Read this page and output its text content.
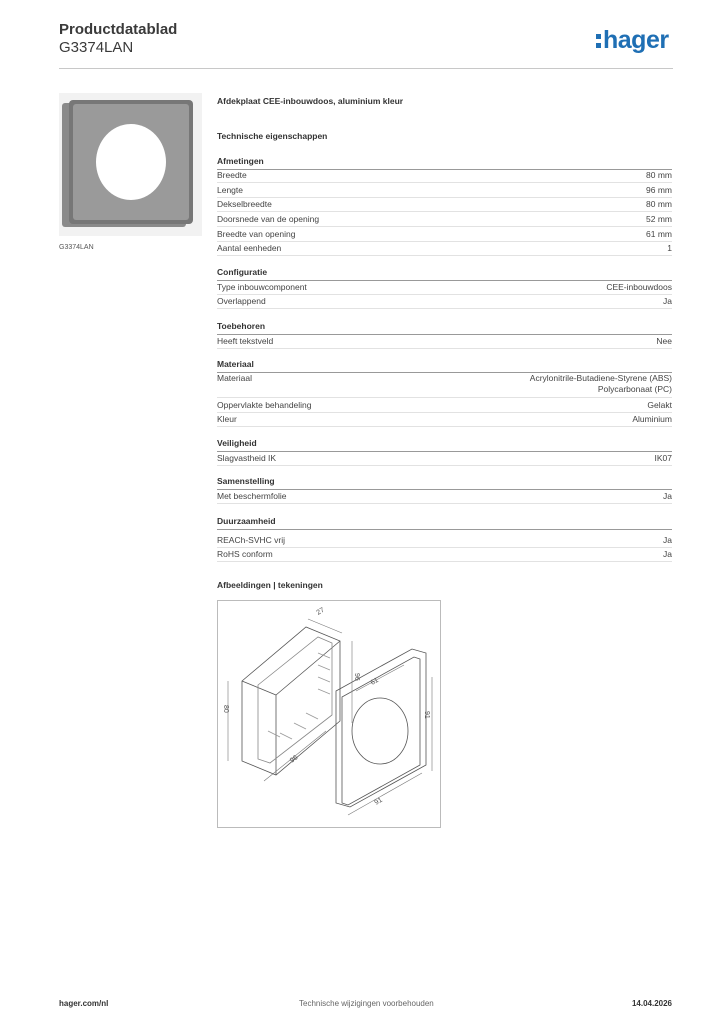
Productdatablad
G3374LAN	hager
G3374LAN
Afdekplaat CEE-inbouwdoos, aluminium kleur
Technische eigenschappen
Afmetingen
Breedte	80 mm
Lengte	96 mm
Dekselbreedte	80 mm
Doorsnede van de opening	52 mm
Breedte van opening	61 mm
Aantal eenheden	1
Configuratie
Type inbouwcomponent	CEE-inbouwdoos
Overlappend	Ja
Toebehoren
Heeft tekstveld	Nee
Materiaal
Materiaal	Acrylonitrile-Butadiene-Styrene (ABS)
Polycarbonaat (PC)
Oppervlakte behandeling	Gelakt
Kleur	Aluminium
Veiligheid
Slagvastheid IK	IK07
Samenstelling
Met beschermfolie	Ja
Duurzaamheid
REACh-SVHC vrij	Ja
RoHS conform	Ja
Afbeeldingen | tekeningen
27
96
80
61
91
96
91
hager.com/nl	Technische wijzigingen voorbehouden	14.04.2026
